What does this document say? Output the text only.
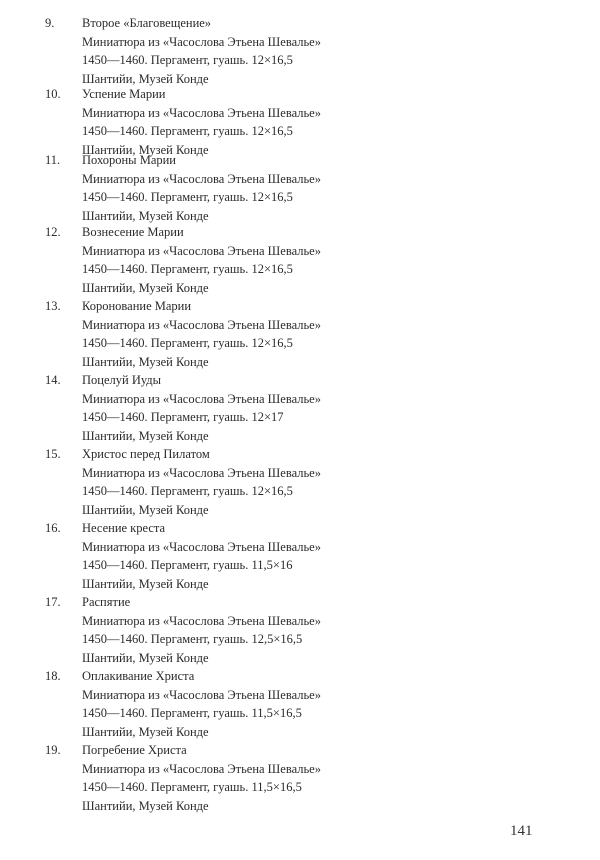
9. Второе «Благовещение»
Миниатюра из «Часослова Этьена Шевалье»
1450—1460. Пергамент, гуашь. 12×16,5
Шантийи, Музей Конде
10. Успение Марии
Миниатюра из «Часослова Этьена Шевалье»
1450—1460. Пергамент, гуашь. 12×16,5
Шантийи, Музей Конде
11. Похороны Марии
Миниатюра из «Часослова Этьена Шевалье»
1450—1460. Пергамент, гуашь. 12×16,5
Шантийи, Музей Конде
12. Вознесение Марии
Миниатюра из «Часослова Этьена Шевалье»
1450—1460. Пергамент, гуашь. 12×16,5
Шантийи, Музей Конде
13. Коронование Марии
Миниатюра из «Часослова Этьена Шевалье»
1450—1460. Пергамент, гуашь. 12×16,5
Шантийи, Музей Конде
14. Поцелуй Иуды
Миниатюра из «Часослова Этьена Шевалье»
1450—1460. Пергамент, гуашь. 12×17
Шантийи, Музей Конде
15. Христос перед Пилатом
Миниатюра из «Часослова Этьена Шевалье»
1450—1460. Пергамент, гуашь. 12×16,5
Шантийи, Музей Конде
16. Несение креста
Миниатюра из «Часослова Этьена Шевалье»
1450—1460. Пергамент, гуашь. 11,5×16
Шантийи, Музей Конде
17. Распятие
Миниатюра из «Часослова Этьена Шевалье»
1450—1460. Пергамент, гуашь. 12,5×16,5
Шантийи, Музей Конде
18. Оплакивание Христа
Миниатюра из «Часослова Этьена Шевалье»
1450—1460. Пергамент, гуашь. 11,5×16,5
Шантийи, Музей Конде
19. Погребение Христа
Миниатюра из «Часослова Этьена Шевалье»
1450—1460. Пергамент, гуашь. 11,5×16,5
Шантийи, Музей Конде
141
